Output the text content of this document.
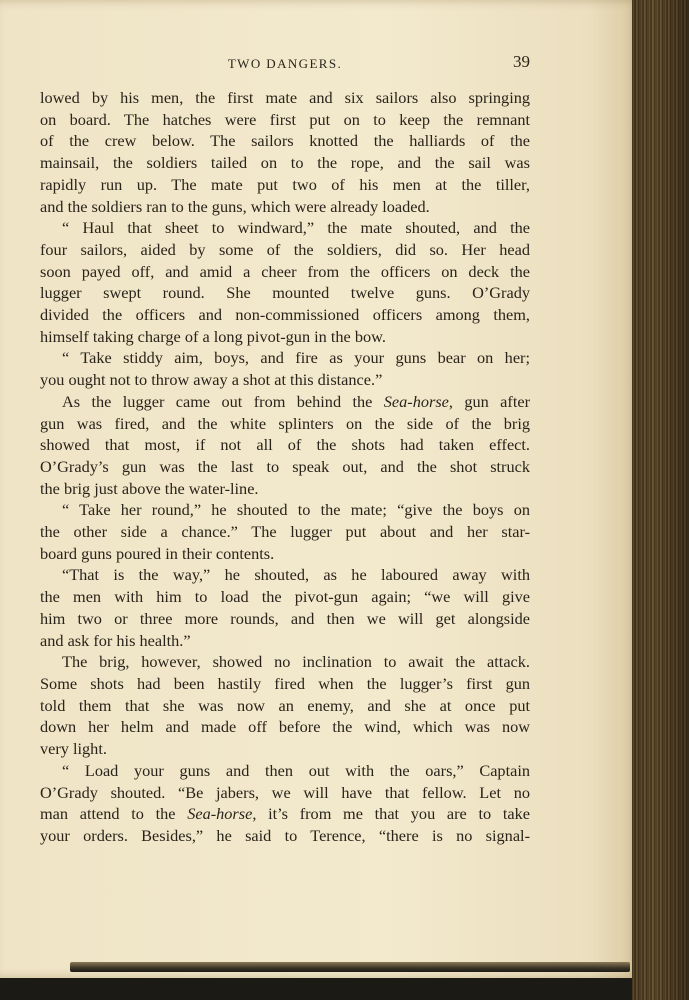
TWO DANGERS.	39
lowed by his men, the first mate and six sailors also springing
on board. The hatches were first put on to keep the remnant
of the crew below. The sailors knotted the halliards of the
mainsail, the soldiers tailed on to the rope, and the sail was
rapidly run up. The mate put two of his men at the tiller,
and the soldiers ran to the guns, which were already loaded.
“ Haul that sheet to windward,” the mate shouted, and the
four sailors, aided by some of the soldiers, did so. Her head
soon payed off, and amid a cheer from the officers on deck the
lugger swept round. She mounted twelve guns. O’Grady
divided the officers and non-commissioned officers among them,
himself taking charge of a long pivot-gun in the bow.
“ Take stiddy aim, boys, and fire as your guns bear on her;
you ought not to throw away a shot at this distance.”
As the lugger came out from behind the Sea-horse, gun after
gun was fired, and the white splinters on the side of the brig
showed that most, if not all of the shots had taken effect.
O’Grady’s gun was the last to speak out, and the shot struck
the brig just above the water-line.
“ Take her round,” he shouted to the mate; “give the boys on
the other side a chance.” The lugger put about and her star-
board guns poured in their contents.
“That is the way,” he shouted, as he laboured away with
the men with him to load the pivot-gun again; “we will give
him two or three more rounds, and then we will get alongside
and ask for his health.”
The brig, however, showed no inclination to await the attack.
Some shots had been hastily fired when the lugger’s first gun
told them that she was now an enemy, and she at once put
down her helm and made off before the wind, which was now
very light.
“ Load your guns and then out with the oars,” Captain
O’Grady shouted. “Be jabers, we will have that fellow. Let no
man attend to the Sea-horse, it’s from me that you are to take
your orders. Besides,” he said to Terence, “there is no signal-
